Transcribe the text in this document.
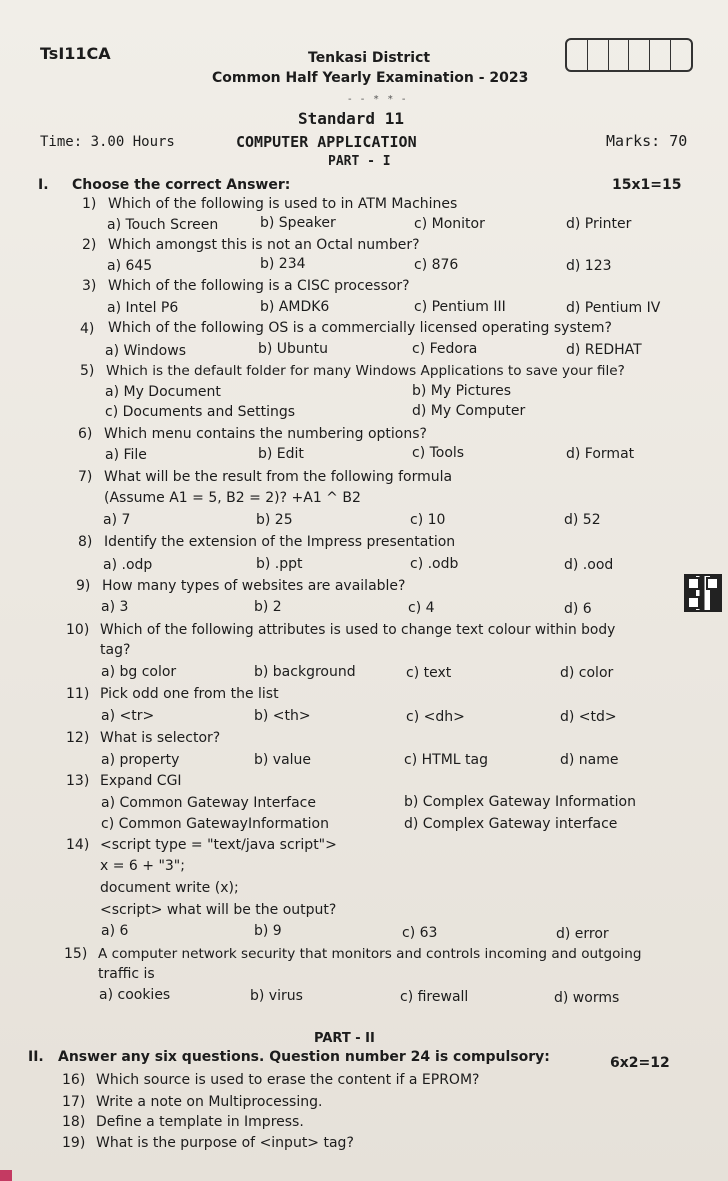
TsI11CA	Tenkasi District
Common Half Yearly Examination - 2023
- - * * -
Standard 11
Time: 3.00 Hours	COMPUTER APPLICATION	Marks: 70
PART - I
I. Choose the correct Answer:	15x1=15
1) Which of the following is used to in ATM Machines
a) Touch Screen	b) Speaker	c) Monitor	d) Printer
2) Which amongst this is not an Octal number?
a) 645	b) 234	c) 876	d) 123
3) Which of the following is a CISC processor?
a) Intel P6	b) AMDK6	c) Pentium III	d) Pentium IV
4) Which of the following OS is a commercially licensed operating system?
a) Windows	b) Ubuntu	c) Fedora	d) REDHAT
5) Which is the default folder for many Windows Applications to save your file?
a) My Document	b) My Pictures
c) Documents and Settings	d) My Computer
6) Which menu contains the numbering options?
a) File	b) Edit	c) Tools	d) Format
7) What will be the result from the following formula
(Assume A1 = 5, B2 = 2)? +A1 ^ B2
a) 7	b) 25	c) 10	d) 52
8) Identify the extension of the Impress presentation
a) .odp	b) .ppt	c) .odb	d) .ood
9) How many types of websites are available?
a) 3	b) 2	c) 4	d) 6
10) Which of the following attributes is used to change text colour within body
tag?
a) bg color	b) background	c) text	d) color
11) Pick odd one from the list
a) <tr>	b) <th>	c) <dh>	d) <td>
12) What is selector?
a) property	b) value	c) HTML tag	d) name
13) Expand CGI
a) Common Gateway Interface	b) Complex Gateway Information
c) Common GatewayInformation	d) Complex Gateway interface
14) <script type = "text/java script">
x = 6 + "3";
document write (x);
<script> what will be the output?
a) 6	b) 9	c) 63	d) error
15) A computer network security that monitors and controls incoming and outgoing
traffic is
a) cookies	b) virus	c) firewall	d) worms
PART - II
II. Answer any six questions. Question number 24 is compulsory:	6x2=12
16) Which source is used to erase the content if a EPROM?
17) Write a note on Multiprocessing.
18) Define a template in Impress.
19) What is the purpose of <input> tag?
